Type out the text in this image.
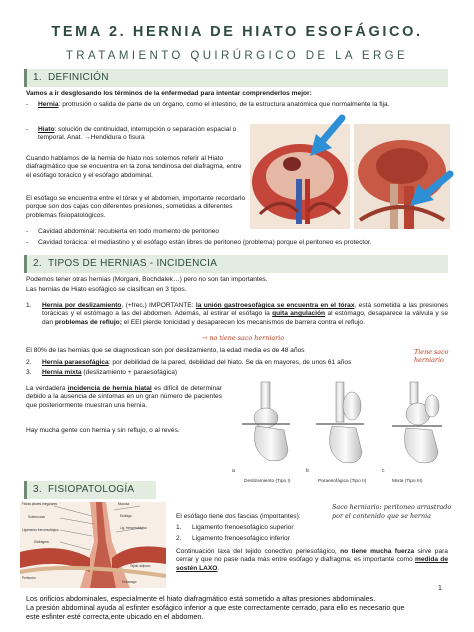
TEMA 2. HERNIA DE HIATO ESOFÁGICO.
TRATAMIENTO QUIRÚRGICO DE LA ERGE
1. DEFINICIÓN
Vamos a ir desglosando los términos de la enfermedad para intentar comprenderlos mejor:
- Hernia: protrusión o salida de parte de un órgano, como el intestino, de la estructura anatómica que normalmente la fija.
- Hiato: solución de continuidad, interrupción o separación espacial o temporal. Anat. →Hendidura o fisura
Cuando hablamos de la hernia de hiato nos solemos referir al Hiato diafragmático que se encuentra en la zona tendinosa del diafragma, entre el esófago torácico y el esófago abdominal.
El esófago se encuentra entre el tórax y el abdomen, importante recordarlo porque son dos cajas con diferentes presiones, sometidas a diferentes problemas fisiopatológicos.
- Cavidad abdominal: recubierta en todo momento de peritoneo
- Cavidad torácica: el mediastino y el esófago están libres de peritoneo (problema) porque el peritoneo es protector.
2. TIPOS DE HERNIAS - INCIDENCIA
Podemos tener otras hernias (Morgani, Bochdalek…) pero no son tan importantes.
Las hernias de Hiato esofágico se clasifican en 3 tipos.
1. Hernia por deslizamiento, (+frec.) IMPORTANTE: la unión gastroesofágica se encuentra en el tórax, está sometida a las presiones torácicas y el estómago a las del abdomen. Además, al estirar el esófago la quita angulación al estómago, desaparece la válvula y se dan problemas de reflujo; el EEI pierde tonicidad y desaparecen los mecanismos de barrera contra el reflujo.
→ no tiene saco herniario
El 80% de las hernias que se diagnostican son por deslizamiento, la edad media es de 48 años
2. Hernia paraesofágica: por debilidad de la pared, debilidad del hiato. Se da en mayores, de unos 61 años
Tiene saco herniario
3. Hernia mixta (deslizamiento + paraesofágica)
La verdadera incidencia de hernia hiatal es difícil de determinar debido a la ausencia de síntomas en un gran número de pacientes que posteriormente muestran una hernia.
Hay mucha gente con hernia y sin reflujo, o al revés.
a	b	c
Deslizamiento (Tipo I)	Paraesofágica (Tipo II)	Mixta (Tipo III)
3. FISIOPATOLOGÍA
Fibras pilares irregulares	Mucosa
Submucosa
Lig. frenoesofágico
Ligamento frenoesofágico
Diafragma
Peritoneo
Tejido adiposo
Esófago
Estómago
El esófago tiene dos fascias (importantes):
1. Ligamento frenoesofágico superior
2. Ligamento frenoesofágico inferior
Saco herniario: peritoneo arrastrado por el contenido que se hernia
Continuación laxa del tejido conectivo periesofágico, no tiene mucha fuerza sirve para cerrar y que no pase nada más entre esófago y diafragma; es importante como medida de sostén LAXO.
1
Los orificios abdominales, especialmente el hiato diafragmático está sometido a altas presiones abdominales.
La presión abdominal ayuda al esfinter esofágico inferior a que este correctamente cerrado, para ello es necesario que
este esfinter esté correcta,ente ubicado en el abdomen.
